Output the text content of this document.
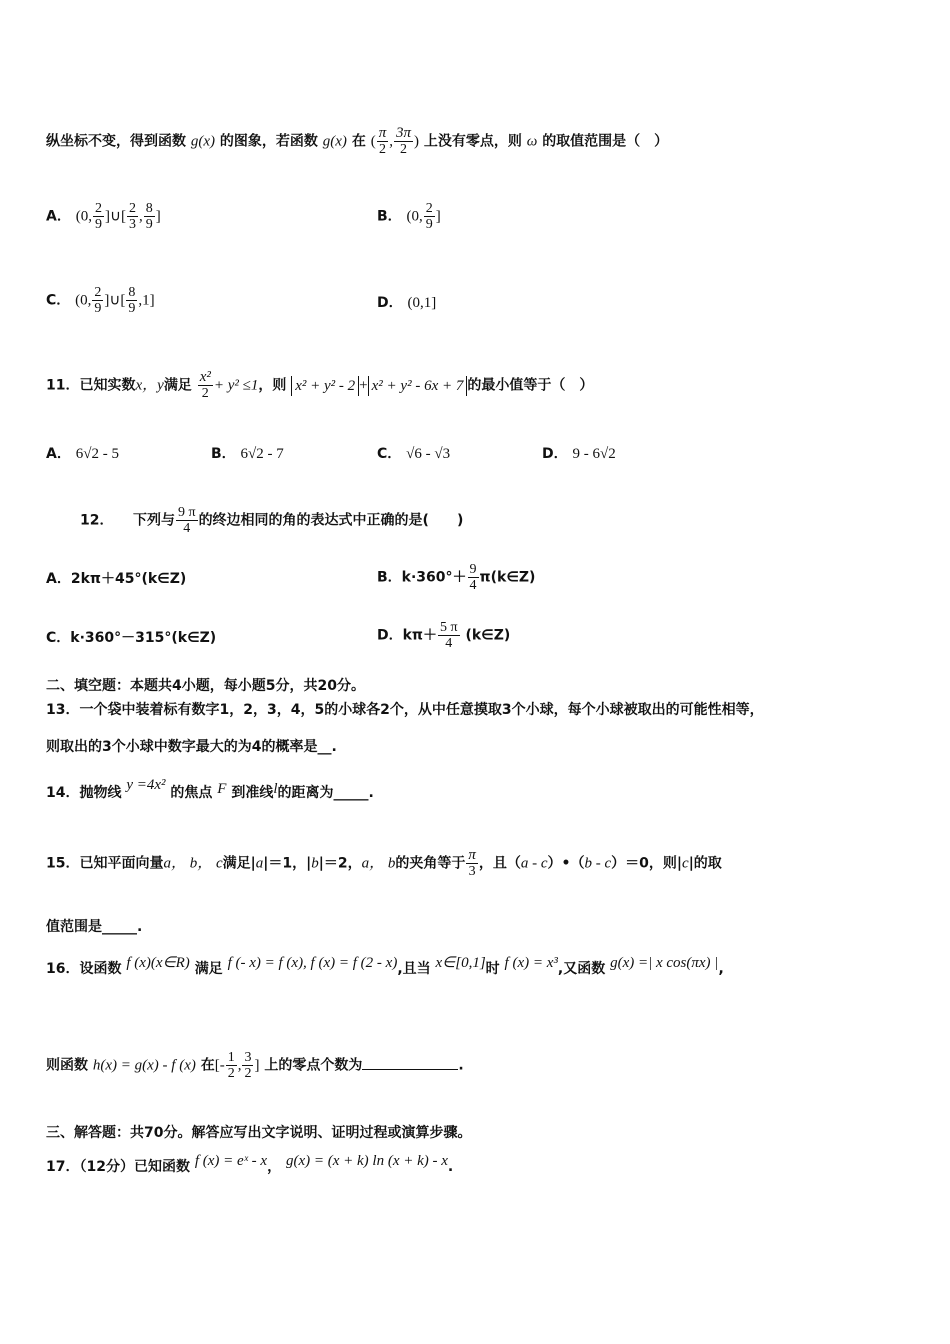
纵坐标不变，得到函数 g(x) 的图象，若函数 g(x) 在 ( $\frac{\pi}{2}$ , $\frac{3\pi}{2}$ ) 上没有零点，则 ω 的取值范围是（　）
A． (0, $\frac{2}{9}$ ]∪[ $\frac{2}{3}$ , $\frac{8}{9}$ ]	B． (0, $\frac{2}{9}$ ]
C． (0, $\frac{2}{9}$ ]∪[ $\frac{8}{9} ,1$]	D． (0,1]
11．已知实数x，y满足 $\frac{\text{x²}}{2} + y^2 \le 1$，则 x² + y² - 2 + x² + y² - 6x + 7 的最小值等于（　）
A． 6√2 - 5	B． 6√2 - 7	C． √6 - √3	D． 9 - 6√2
12． 下列与 $\frac{9 \pi}{4}$ 的终边相同的角的表达式中正确的是(　　)
A．2kπ＋45°(k∈Z)	B．$k\cdot 360^\circ+ \frac{9}{4}$ π(k∈Z)
C．k·360°－315°(k∈Z)	D．$k\pi+ \frac{5 \pi}{4}$ (k∈Z)
二、填空题：本题共4小题，每小题5分，共20分。
13．一个袋中装着标有数字1，2，3，4，5的小球各2个，从中任意摸取3个小球，每个小球被取出的可能性相等，
则取出的3个小球中数字最大的为4的概率是__.
14．抛物线 y =4x² 的焦点 F 到准线l的距离为_____.
15．已知平面向量a， b， c满足|a|＝1，|b|＝2，a， b的夹角等于 $\frac{\pi}{3}$ ，且（a - c）•（b - c）＝0，则|c|的取
值范围是_____.
16．设函数 f (x)(x∈R) 满足 f (- x) = f (x), f (x) = f (2 - x),且当 x∈[0,1]时 f (x) = x³,又函数 g(x) =| x cos(πx) |,
则函数 h(x) = g(x) - f (x) 在[- $\frac{1}{2}$ , $\frac{3}{2}$ ] 上的零点个数为	.
三、解答题：共70分。解答应写出文字说明、证明过程或演算步骤。
17．（12分）已知函数 f (x) = eˣ - x， g(x) = (x + k) ln (x + k) - x.
